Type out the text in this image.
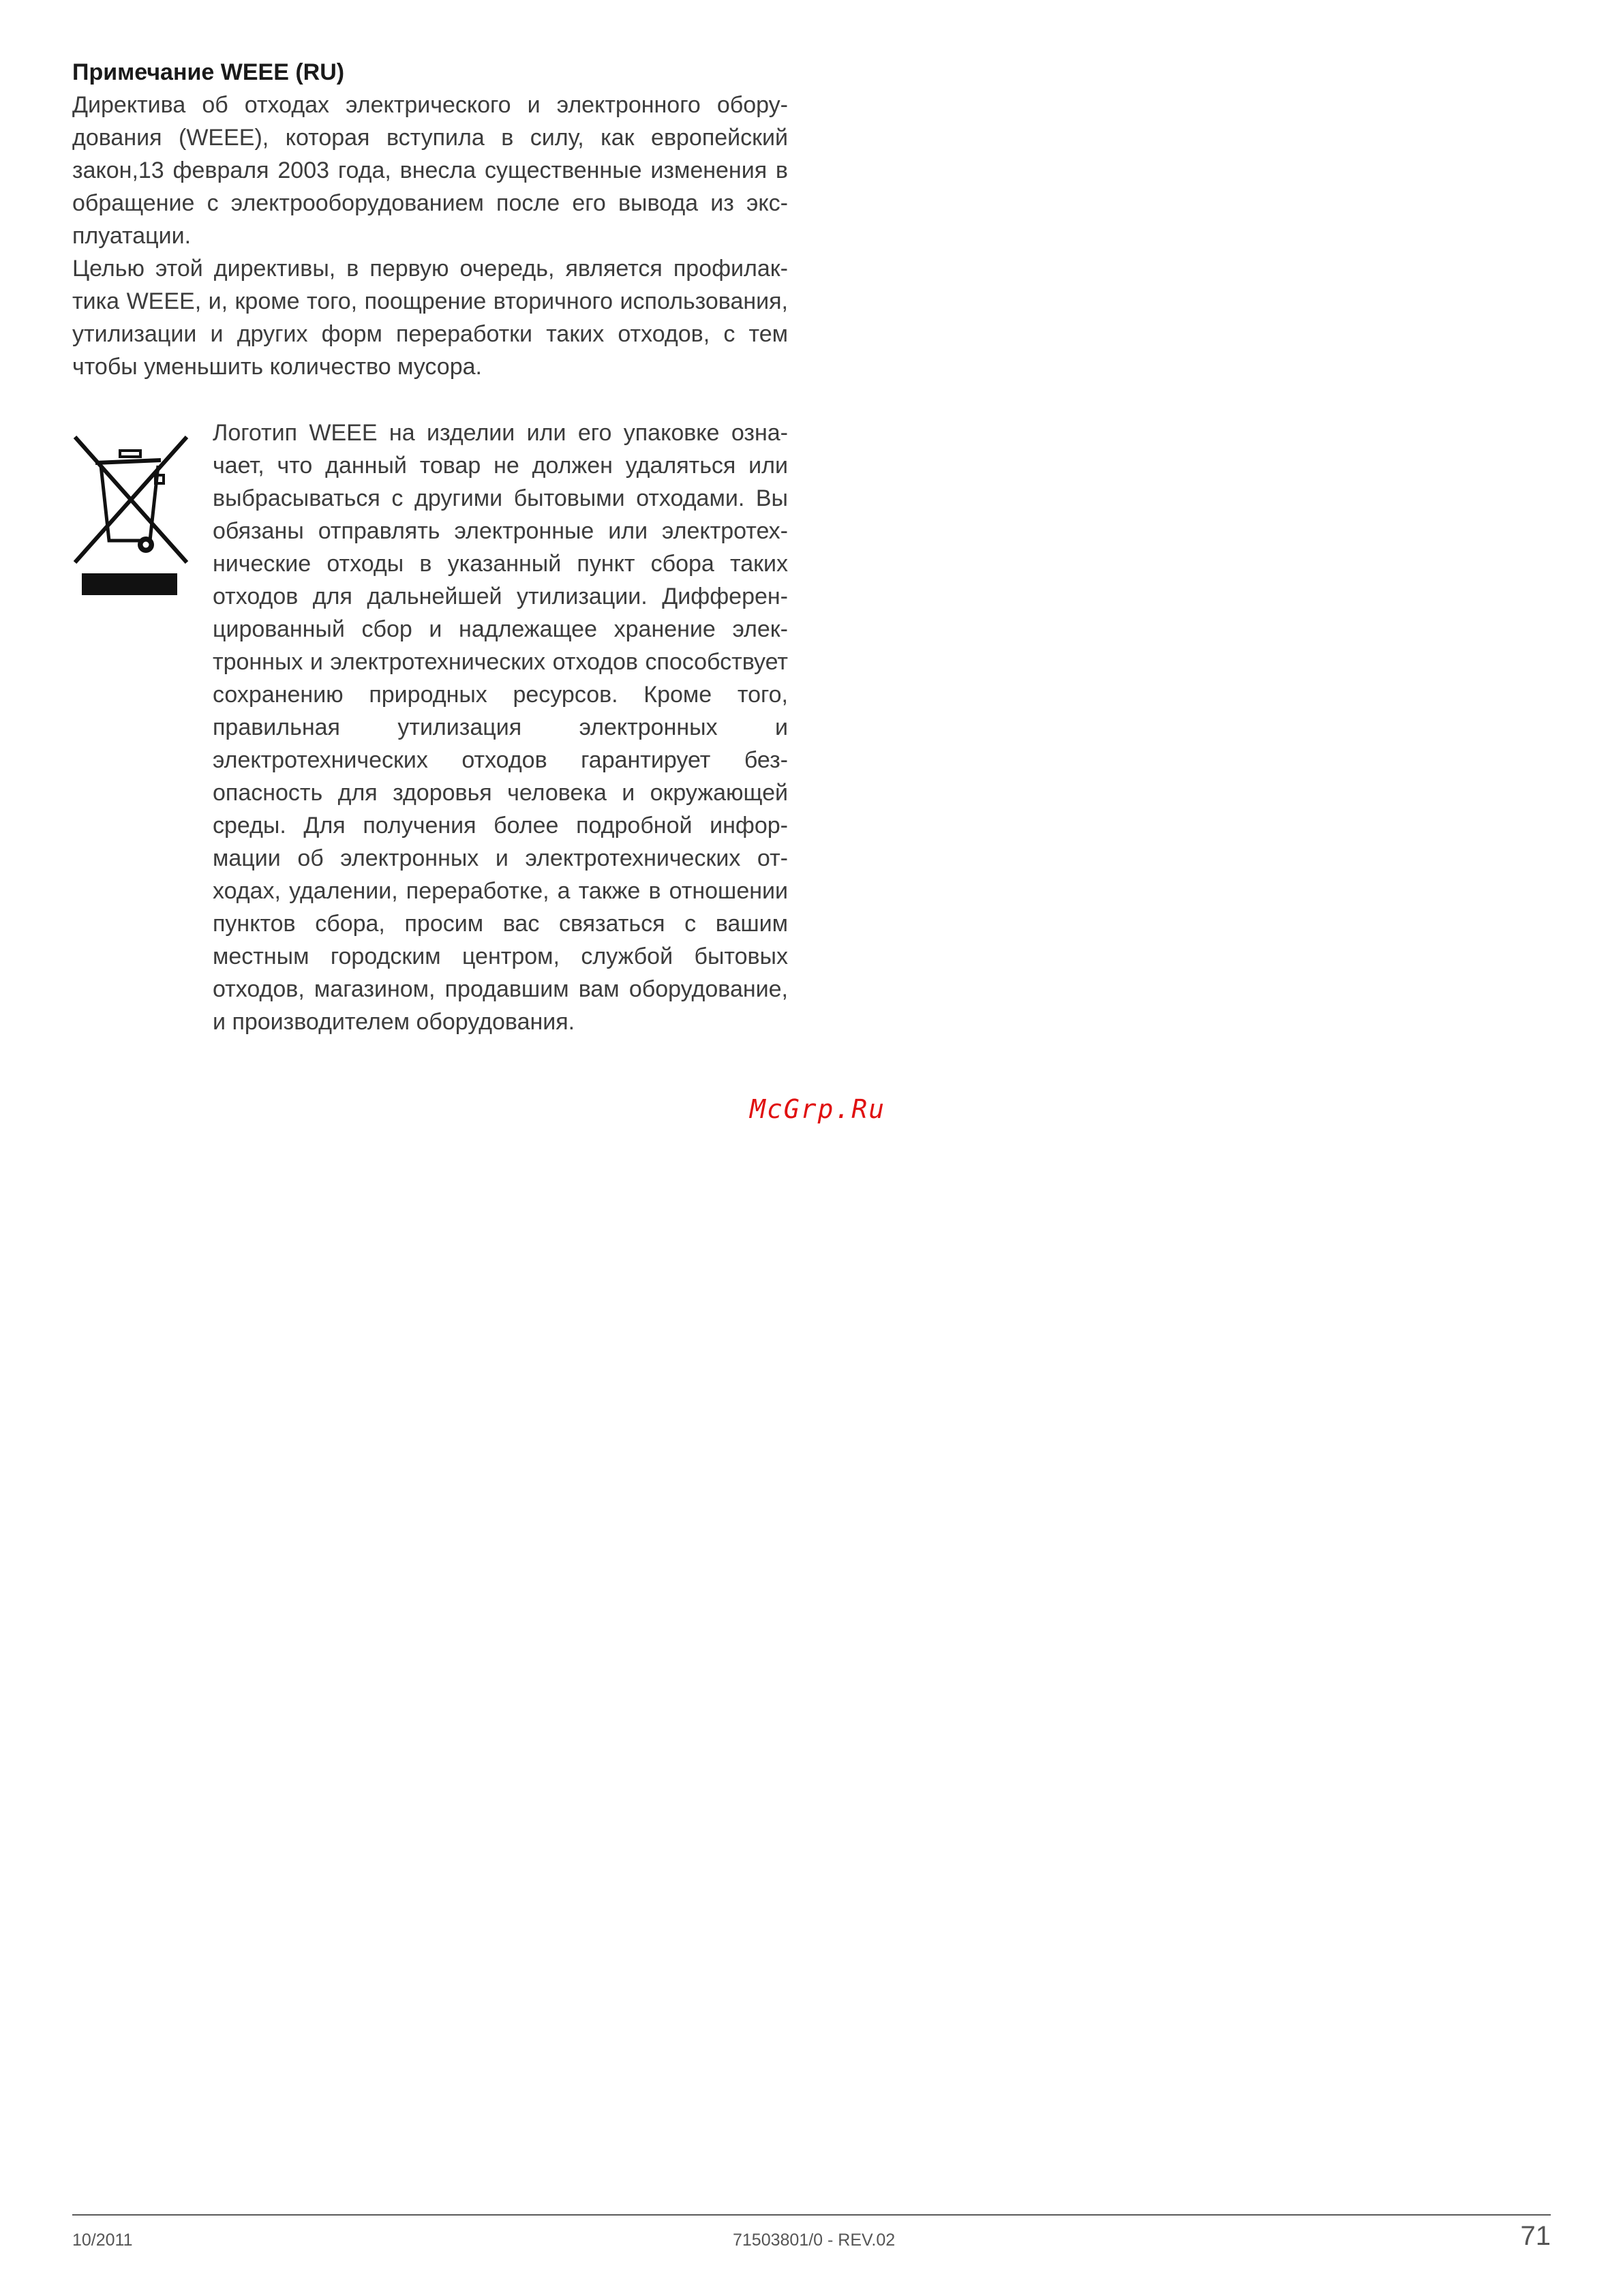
Примечание WEEE (RU)

Директива об отходах электрического и электронного оборудования (WEEE), которая вступила в силу, как европейский закон,13 февраля 2003 года, внесла существенные изменения в обращение с электрооборудованием после его вывода из эксплуатации.

Целью этой директивы, в первую очередь, является профилактика WEEE, и, кроме того, поощрение вторичного использования, утилизации и других форм переработки таких отходов, с тем чтобы уменьшить количество мусора.

Логотип WEEE на изделии или его упаковке означает, что данный товар не должен удаляться или выбрасываться с другими бытовыми отходами. Вы обязаны отправлять электронные или электротехнические отходы в указанный пункт сбора таких отходов для дальнейшей утилизации. Дифференцированный сбор и надлежащее хранение электронных и электротехнических отходов способствует сохранению природных ресурсов. Кроме того, правильная утилизация электронных и электротехнических отходов гарантирует безопасность для здоровья человека и окружающей среды. Для получения более подробной информации об электронных и электротехнических отходах, удалении, переработке, а также в отношении пунктов сбора, просим вас связаться с вашим местным городским центром, службой бытовых отходов, магазином, продавшим вам оборудование, и производителем оборудования.

McGrp.Ru
10/2011	71503801/0 - REV.02	71
